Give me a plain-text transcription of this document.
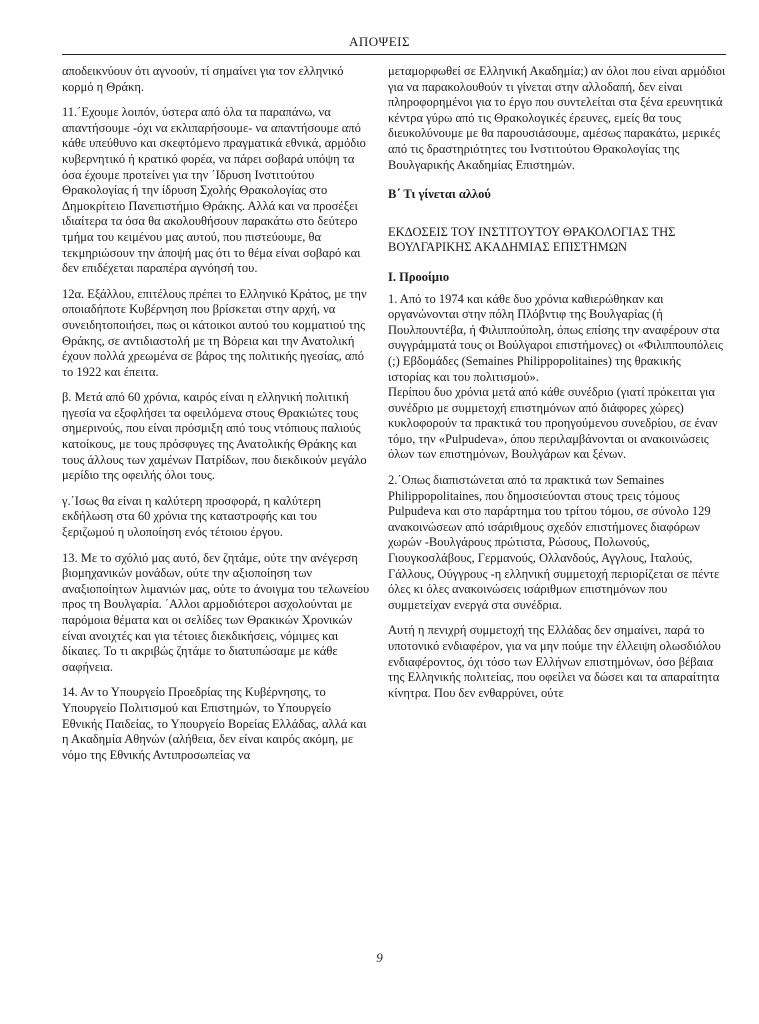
ΑΠΟΨΕΙΣ

αποδεικνύουν ότι αγνοούν, τί σημαίνει για τον ελληνικό κορμό η Θράκη.

11.΄Εχουμε λοιπόν, ύστερα από όλα τα παραπάνω, να απαντήσουμε -όχι να εκλιπαρήσουμε- να απαντήσουμε από κάθε υπεύθυνο και σκεφτόμενο πραγματικά εθνικά, αρμόδιο κυβερνητικό ή κρατικό φορέα, να πάρει σοβαρά υπόψη τα όσα έχουμε προτείνει για την ΄Ιδρυση Ινστιτούτου Θρακολογίας ή την ίδρυση Σχολής Θρακολογίας στο Δημοκρίτειο Πανεπιστήμιο Θράκης. Αλλά και να προσέξει ιδιαίτερα τα όσα θα ακολουθήσουν παρακάτω στο δεύτερο τμήμα του κειμένου μας αυτού, που πιστεύουμε, θα τεκμηριώσουν την άποψή μας ότι το θέμα είναι σοβαρό και δεν επιδέχεται παραπέρα αγνόησή του.

12α. Εξάλλου, επιτέλους πρέπει το Ελληνικό Κράτος, με την οποιαδήποτε Κυβέρνηση που βρίσκεται στην αρχή, να συνειδητοποιήσει, πως οι κάτοικοι αυτού του κομματιού της Θράκης, σε αντιδιαστολή με τη Βόρεια και την Ανατολική έχουν πολλά χρεωμένα σε βάρος της πολιτικής ηγεσίας, από το 1922 και έπειτα.

β. Μετά από 60 χρόνια, καιρός είναι η ελληνική πολιτική ηγεσία να εξοφλήσει τα οφειλόμενα στους Θρακιώτες τους σημερινούς, που είναι πρόσμιξη από τους ντόπιους παλιούς κατοίκους, με τους πρόσφυγες της Ανατολικής Θράκης και τους άλλους των χαμένων Πατρίδων, που διεκδικούν μεγάλο μερίδιο της οφειλής όλοι τους.

γ.΄Ισως θα είναι η καλύτερη προσφορά, η καλύτερη εκδήλωση στα 60 χρόνια της καταστροφής και του ξεριζωμού η υλοποίηση ενός τέτοιου έργου.

13. Με το σχόλιό μας αυτό, δεν ζητάμε, ούτε την ανέγερση βιομηχανικών μονάδων, ούτε την αξιοποίηση των αναξιοποίητων λιμανιών μας, ούτε το άνοιγμα του τελωνείου προς τη Βουλγαρία. ΄Αλλοι αρμοδιότεροι ασχολούνται με παρόμοια θέματα και οι σελίδες των Θρακικών Χρονικών είναι ανοιχτές και για τέτοιες διεκδικήσεις, νόμιμες και δίκαιες. Το τι ακριβώς ζητάμε το διατυπώσαμε με κάθε σαφήνεια.

14. Αν το Υπουργείο Προεδρίας της Κυβέρνησης, το Υπουργείο Πολιτισμού και Επιστημών, το Υπουργείο Εθνικής Παιδείας, το Υπουργείο Βορείας Ελλάδας, αλλά και η Ακαδημία Αθηνών (αλήθεια, δεν είναι καιρός ακόμη, με νόμο της Εθνικής Αντιπροσωπείας να

μεταμορφωθεί σε Ελληνική Ακαδημία;) αν όλοι που είναι αρμόδιοι για να παρακολουθούν τι γίνεται στην αλλοδαπή, δεν είναι πληροφορημένοι για το έργο που συντελείται στα ξένα ερευνητικά κέντρα γύρω από τις Θρακολογικές έρευνες, εμείς θα τους διευκολύνουμε με θα παρουσιάσουμε, αμέσως παρακάτω, μερικές από τις δραστηριότητες του Ινστιτούτου Θρακολογίας της Βουλγαρικής Ακαδημίας Επιστημών.

Β΄ Τι γίνεται αλλού
ΕΚΔΟΣΕΙΣ ΤΟΥ ΙΝΣΤΙΤΟΥΤΟΥ ΘΡΑΚΟΛΟΓΙΑΣ ΤΗΣ ΒΟΥΛΓΑΡΙΚΗΣ ΑΚΑΔΗΜΙΑΣ ΕΠΙΣΤΗΜΩΝ
Ι. Προοίμιο

1. Από το 1974 και κάθε δυο χρόνια καθιερώθηκαν και οργανώνονται στην πόλη Πλόβντιφ της Βουλγαρίας (ή Πουλπουντέβα, ή Φιλιππούπολη, όπως επίσης την αναφέρουν στα συγγράμματά τους οι Βούλγαροι επιστήμονες) οι «Φιλιππουπόλεις (;) Εβδομάδες (Semaines Philippopolitaines) της θρακικής ιστορίας και του πολιτισμού».

Περίπου δυο χρόνια μετά από κάθε συνέδριο (γιατί πρόκειται για συνέδριο με συμμετοχή επιστημόνων από διάφορες χώρες) κυκλοφορούν τα πρακτικά του προηγούμενου συνεδρίου, σε έναν τόμο, την «Pulpudeva», όπου περιλαμβάνονται οι ανακοινώσεις όλων των επιστημόνων, Βουλγάρων και ξένων.

2.΄Οπως διαπιστώνεται από τα πρακτικά των Semaines Philippopolitaines, που δημοσιεύονται στους τρεις τόμους Pulpudeva και στο παράρτημα του τρίτου τόμου, σε σύνολο 129 ανακοινώσεων από ισάριθμους σχεδόν επιστήμονες διαφόρων χωρών -Βουλγάρους πρώτιστα, Ρώσους, Πολωνούς, Γιουγκοσλάβους, Γερμανούς, Ολλανδούς, Αγγλους, Ιταλούς, Γάλλους, Ούγγρους -η ελληνική συμμετοχή περιορίζεται σε πέντε όλες κι όλες ανακοινώσεις ισάριθμων επιστημόνων που συμμετείχαν ενεργά στα συνέδρια.

Αυτή η πενιχρή συμμετοχή της Ελλάδας δεν σημαίνει, παρά το υποτονικό ενδιαφέρον, για να μην πούμε την έλλειψη ολωσδιόλου ενδιαφέροντος, όχι τόσο των Ελλήνων επιστημόνων, όσο βέβαια της Ελληνικής πολιτείας, που οφείλει να δώσει και τα απαραίτητα κίνητρα. Που δεν ενθαρρύνει, ούτε

9
